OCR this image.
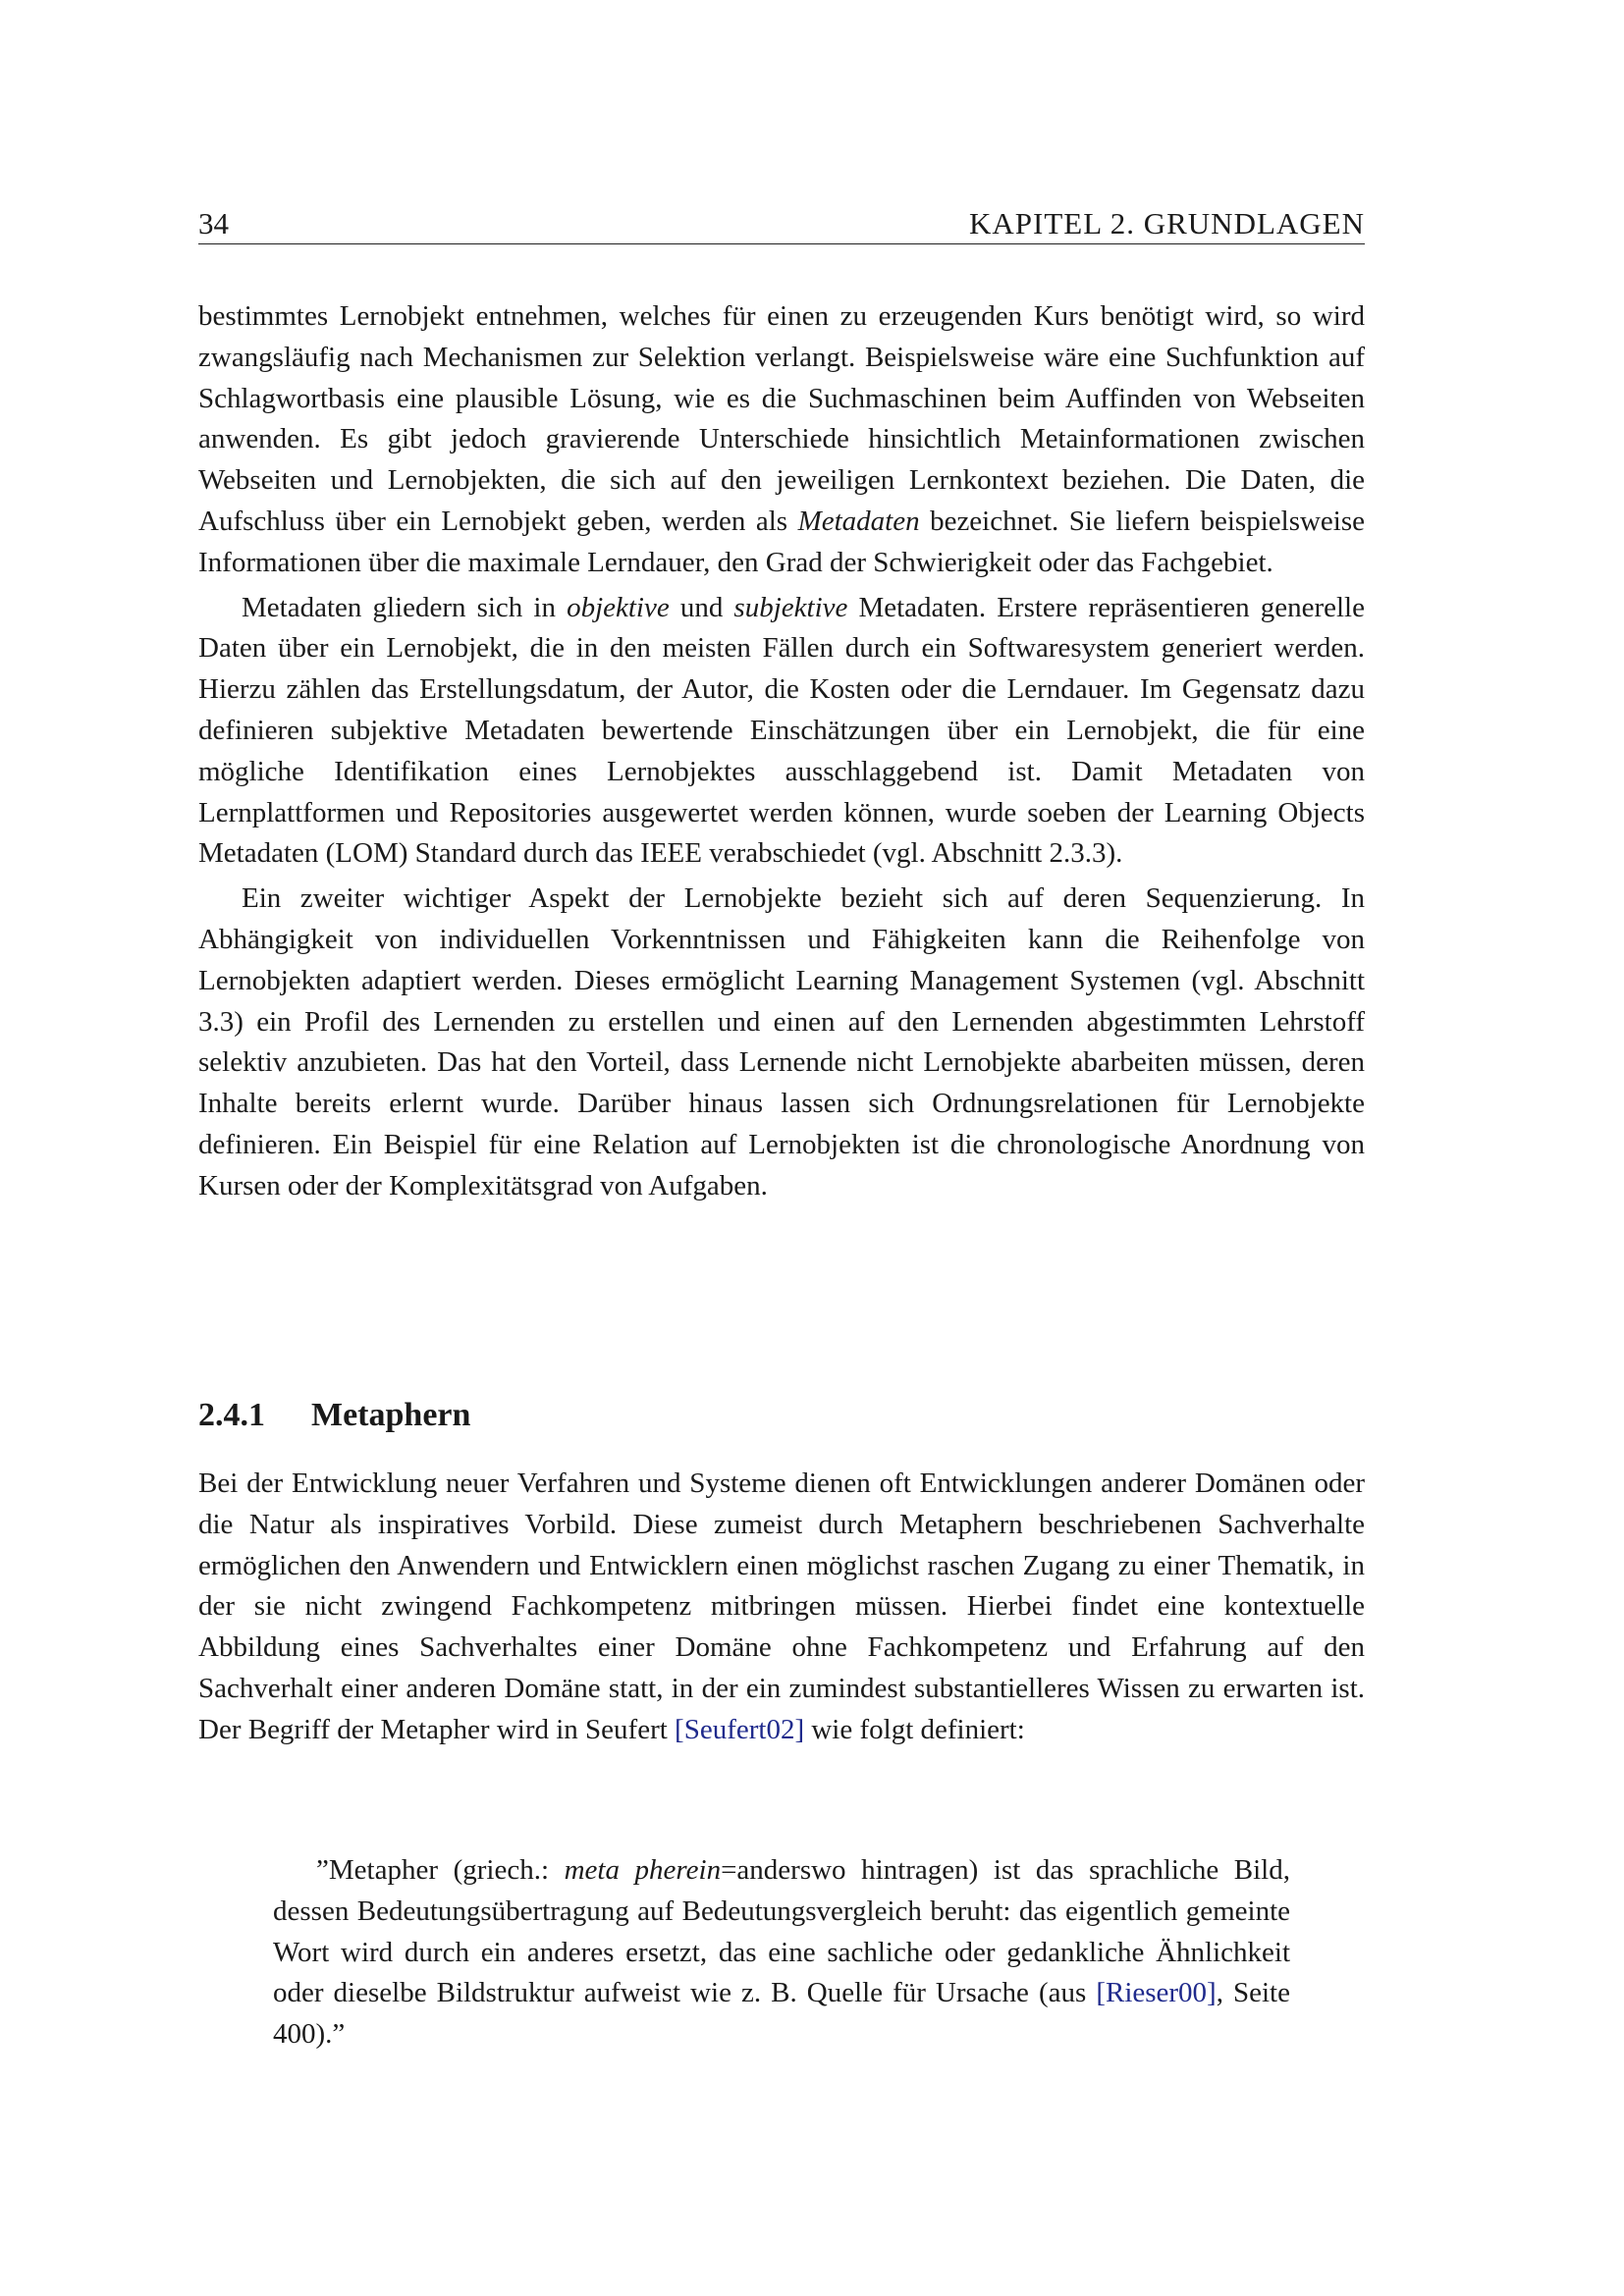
34	KAPITEL 2. GRUNDLAGEN

bestimmtes Lernobjekt entnehmen, welches für einen zu erzeugenden Kurs benötigt wird, so wird zwangsläufig nach Mechanismen zur Selektion verlangt. Beispielsweise wäre eine Suchfunktion auf Schlagwortbasis eine plausible Lösung, wie es die Suchmaschinen beim Auffinden von Webseiten anwenden. Es gibt jedoch gravierende Unterschiede hinsichtlich Metainformationen zwischen Webseiten und Lernobjekten, die sich auf den jeweiligen Lernkontext beziehen. Die Daten, die Aufschluss über ein Lernobjekt geben, werden als Metadaten bezeichnet. Sie liefern beispielsweise Informationen über die maximale Lerndauer, den Grad der Schwierigkeit oder das Fachgebiet.

Metadaten gliedern sich in objektive und subjektive Metadaten. Erstere repräsentieren generelle Daten über ein Lernobjekt, die in den meisten Fällen durch ein Softwaresystem generiert werden. Hierzu zählen das Erstellungsdatum, der Autor, die Kosten oder die Lerndauer. Im Gegensatz dazu definieren subjektive Metadaten bewertende Einschätzungen über ein Lernobjekt, die für eine mögliche Identifikation eines Lernobjektes ausschlaggebend ist. Damit Metadaten von Lernplattformen und Repositories ausgewertet werden können, wurde soeben der Learning Objects Metadaten (LOM) Standard durch das IEEE verabschiedet (vgl. Abschnitt 2.3.3).

Ein zweiter wichtiger Aspekt der Lernobjekte bezieht sich auf deren Sequenzierung. In Abhängigkeit von individuellen Vorkenntnissen und Fähigkeiten kann die Reihenfolge von Lernobjekten adaptiert werden. Dieses ermöglicht Learning Management Systemen (vgl. Abschnitt 3.3) ein Profil des Lernenden zu erstellen und einen auf den Lernenden abgestimmten Lehrstoff selektiv anzubieten. Das hat den Vorteil, dass Lernende nicht Lernobjekte abarbeiten müssen, deren Inhalte bereits erlernt wurde. Darüber hinaus lassen sich Ordnungsrelationen für Lernobjekte definieren. Ein Beispiel für eine Relation auf Lernobjekten ist die chronologische Anordnung von Kursen oder der Komplexitätsgrad von Aufgaben.

2.4.1 Metaphern

Bei der Entwicklung neuer Verfahren und Systeme dienen oft Entwicklungen anderer Domänen oder die Natur als inspiratives Vorbild. Diese zumeist durch Metaphern beschriebenen Sachverhalte ermöglichen den Anwendern und Entwicklern einen möglichst raschen Zugang zu einer Thematik, in der sie nicht zwingend Fachkompetenz mitbringen müssen. Hierbei findet eine kontextuelle Abbildung eines Sachverhaltes einer Domäne ohne Fachkompetenz und Erfahrung auf den Sachverhalt einer anderen Domäne statt, in der ein zumindest substantielleres Wissen zu erwarten ist. Der Begriff der Metapher wird in Seufert [Seufert02] wie folgt definiert:

”Metapher (griech.: meta pherein=anderswo hintragen) ist das sprachliche Bild, dessen Bedeutungsübertragung auf Bedeutungsvergleich beruht: das eigentlich gemeinte Wort wird durch ein anderes ersetzt, das eine sachliche oder gedankliche Ähnlichkeit oder dieselbe Bildstruktur aufweist wie z. B. Quelle für Ursache (aus [Rieser00], Seite 400).”
